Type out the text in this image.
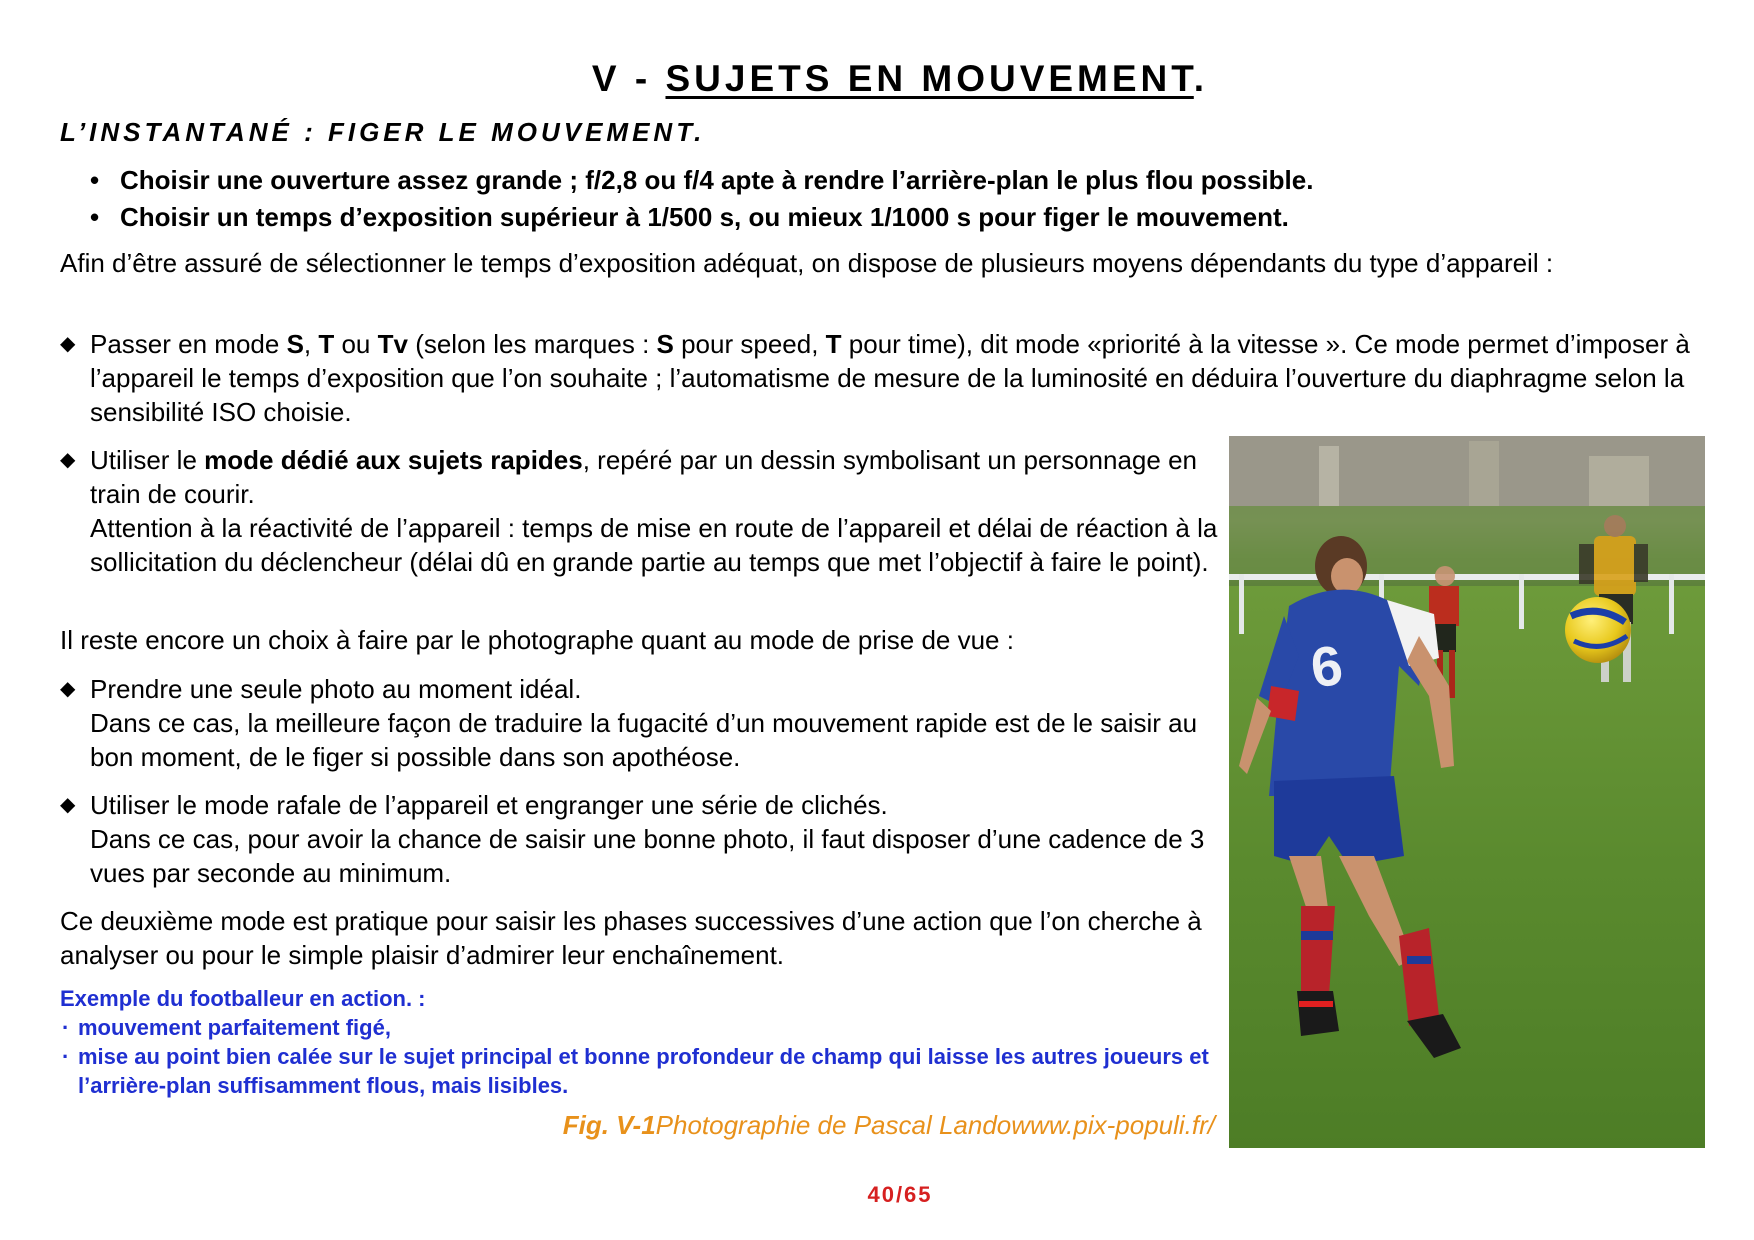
V - SUJETS EN MOUVEMENT.
L’INSTANTANÉ : FIGER LE MOUVEMENT.
• Choisir une ouverture assez grande ; f/2,8 ou f/4 apte à rendre l’arrière-plan le plus flou possible.
• Choisir un temps d’exposition supérieur à 1/500 s, ou mieux 1/1000 s pour figer le mouvement.
Afin d’être assuré de sélectionner le temps d’exposition adéquat, on dispose de plusieurs moyens dépendants du type d’appareil :
◆ Passer en mode S, T ou Tv (selon les marques : S pour speed, T pour time), dit mode «priorité à la vitesse ». Ce mode permet d’imposer à l’appareil le temps d’exposition que l’on souhaite ; l’automatisme de mesure de la luminosité en déduira l’ouverture du diaphragme selon la sensibilité ISO choisie.
◆ Utiliser le mode dédié aux sujets rapides, repéré par un dessin symbolisant un personnage en train de courir.
Attention à la réactivité de l’appareil : temps de mise en route de l’appareil et délai de réaction à la sollicitation du déclencheur (délai dû en grande partie au temps que met l’objectif à faire le point).
Il reste encore un choix à faire par le photographe quant au mode de prise de vue :
◆ Prendre une seule photo au moment idéal.
Dans ce cas, la meilleure façon de traduire la fugacité d’un mouvement rapide est de le saisir au bon moment, de le figer si possible dans son apothéose.
◆ Utiliser le mode rafale de l’appareil et engranger une série de clichés.
Dans ce cas, pour avoir la chance de saisir une bonne photo, il faut disposer d’une cadence de 3 vues par seconde au minimum.
Ce deuxième mode est pratique pour saisir les phases successives d’une action que l’on cherche à analyser ou pour le simple plaisir d’admirer leur enchaînement.
Exemple du footballeur en action. :
· mouvement parfaitement figé,
· mise au point bien calée sur le sujet principal et bonne profondeur de champ qui laisse les autres joueurs et l’arrière-plan suffisamment flous, mais lisibles.
Fig. V-1Photographie de Pascal Landowww.pix-populi.fr/
40/65
6
